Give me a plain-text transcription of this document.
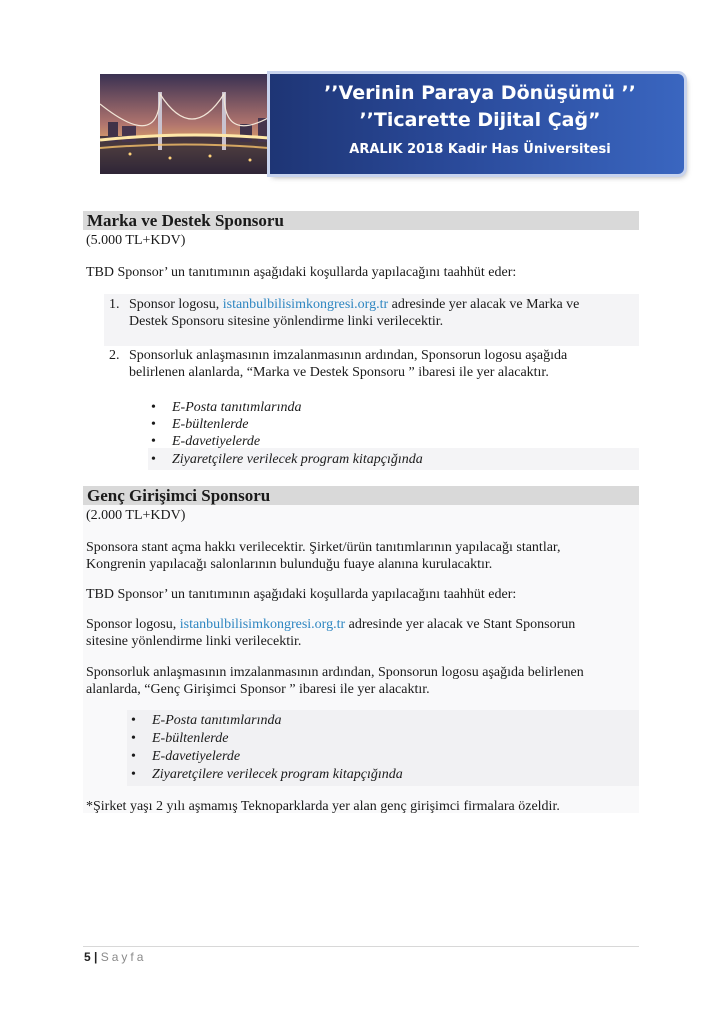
’’Verinin Paraya Dönüşümü ’’
’’Ticarette Dijital Çağ”
ARALIK 2018 Kadir Has Üniversitesi
Marka ve Destek Sponsoru
(5.000 TL+KDV)
TBD Sponsor’ un tanıtımının aşağıdaki koşullarda yapılacağını taahhüt eder:
1. Sponsor logosu, istanbulbilisimkongresi.org.tr adresinde yer alacak ve Marka ve
Destek Sponsoru sitesine yönlendirme linki verilecektir.
2. Sponsorluk anlaşmasının imzalanmasının ardından, Sponsorun logosu aşağıda
belirlenen alanlarda, “Marka ve Destek Sponsoru ” ibaresi ile yer alacaktır.
• E-Posta tanıtımlarında
• E-bültenlerde
• E-davetiyelerde
• Ziyaretçilere verilecek program kitapçığında
Genç Girişimci Sponsoru
(2.000 TL+KDV)
Sponsora stant açma hakkı verilecektir. Şirket/ürün tanıtımlarının yapılacağı stantlar,
Kongrenin yapılacağı salonlarının bulunduğu fuaye alanına kurulacaktır.
TBD Sponsor’ un tanıtımının aşağıdaki koşullarda yapılacağını taahhüt eder:
Sponsor logosu, istanbulbilisimkongresi.org.tr adresinde yer alacak ve Stant Sponsorun
sitesine yönlendirme linki verilecektir.
Sponsorluk anlaşmasının imzalanmasının ardından, Sponsorun logosu aşağıda belirlenen
alanlarda, “Genç Girişimci Sponsor ” ibaresi ile yer alacaktır.
• E-Posta tanıtımlarında
• E-bültenlerde
• E-davetiyelerde
• Ziyaretçilere verilecek program kitapçığında
*Şirket yaşı 2 yılı aşmamış Teknoparklarda yer alan genç girişimci firmalara özeldir.
5 | Sayfa
